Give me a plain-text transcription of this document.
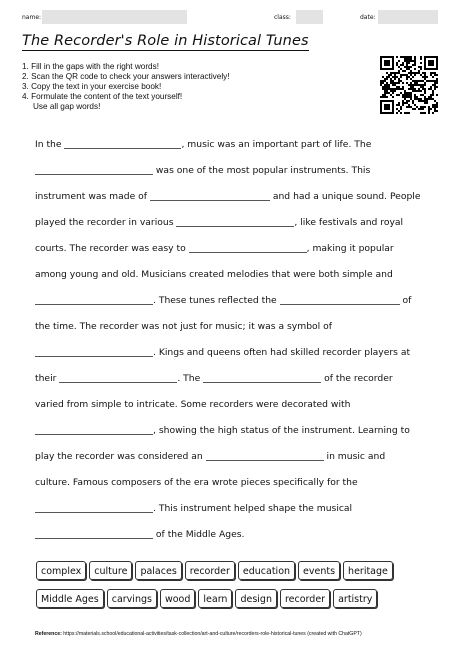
name:	class:	date:
The Recorder's Role in Historical Tunes
1. Fill in the gaps with the right words!
2. Scan the QR code to check your answers interactively!
3. Copy the text in your exercise book!
4. Formulate the content of the text yourself!
Use all gap words!
In the	, music was an important part of life. The
was one of the most popular instruments. This
instrument was made of	and had a unique sound. People
played the recorder in various	, like festivals and royal
courts. The recorder was easy to	, making it popular
among young and old. Musicians created melodies that were both simple and
. These tunes reflected the	of
the time. The recorder was not just for music; it was a symbol of
. Kings and queens often had skilled recorder players at
their	. The	of the recorder
varied from simple to intricate. Some recorders were decorated with
, showing the high status of the instrument. Learning to
play the recorder was considered an	in music and
culture. Famous composers of the era wrote pieces specifically for the
. This instrument helped shape the musical
of the Middle Ages.
complex culture palaces recorder education events heritage
Middle Ages carvings wood learn design recorder artistry
Reference: https://materials.school/educational-activities/task-collection/art-and-culture/recorders-role-historical-tunes (created with ChatGPT)
